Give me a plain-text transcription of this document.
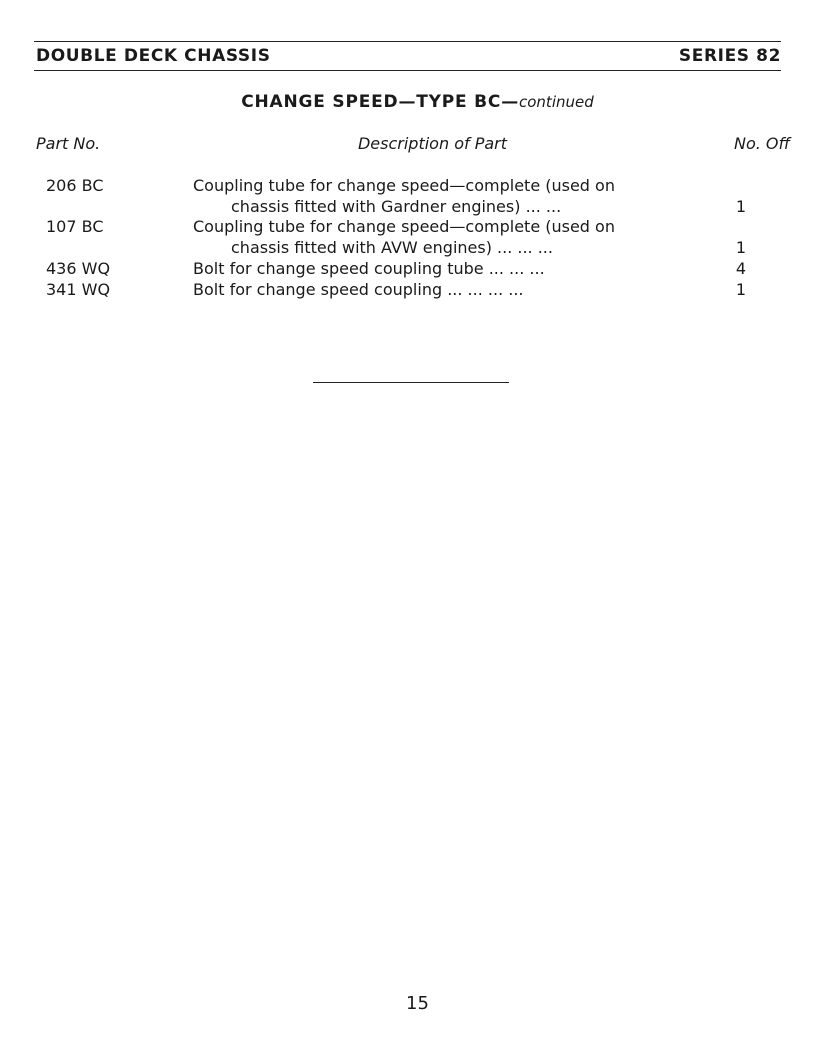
DOUBLE DECK CHASSIS	SERIES 82
CHANGE SPEED—TYPE BC—continued
Part No.	Description of Part	No. Off
206 BC	Coupling tube for change speed—complete (used on
chassis fitted with Gardner engines) ... ...	1
107 BC	Coupling tube for change speed—complete (used on
chassis fitted with AVW engines) ... ... ...	1
436 WQ	Bolt for change speed coupling tube ... ... ...	4
341 WQ	Bolt for change speed coupling ... ... ... ...	1
15
